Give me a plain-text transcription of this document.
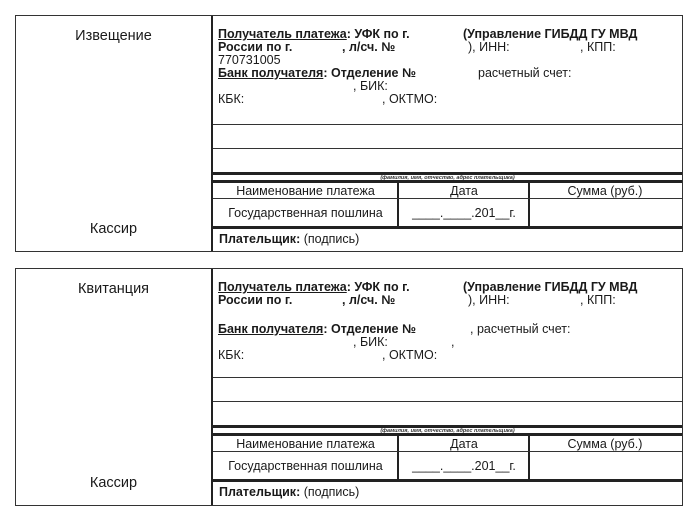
Извещение
Кассир
Получатель платежа: УФК по г.	(Управление ГИБДД ГУ МВД
России по г.	, л/сч. №	), ИНН:	, КПП:
770731005
Банк получателя: Отделение №	расчетный счет:
, БИК:
КБК:	, ОКТМО:
(фамилия, имя, отчество, адрес плательщика)
Наименование платежа	Дата	Сумма (руб.)
Государственная пошлина	____.____.201__г.
Плательщик: (подпись)
Квитанция
Кассир
Получатель платежа: УФК по г.	(Управление ГИБДД ГУ МВД
России по г.	, л/сч. №	), ИНН:	, КПП:
Банк получателя: Отделение №	, расчетный счет:
, БИК:	,
КБК:	, ОКТМО:
(фамилия, имя, отчество, адрес плательщика)
Наименование платежа	Дата	Сумма (руб.)
Государственная пошлина	____.____.201__г.
Плательщик: (подпись)
